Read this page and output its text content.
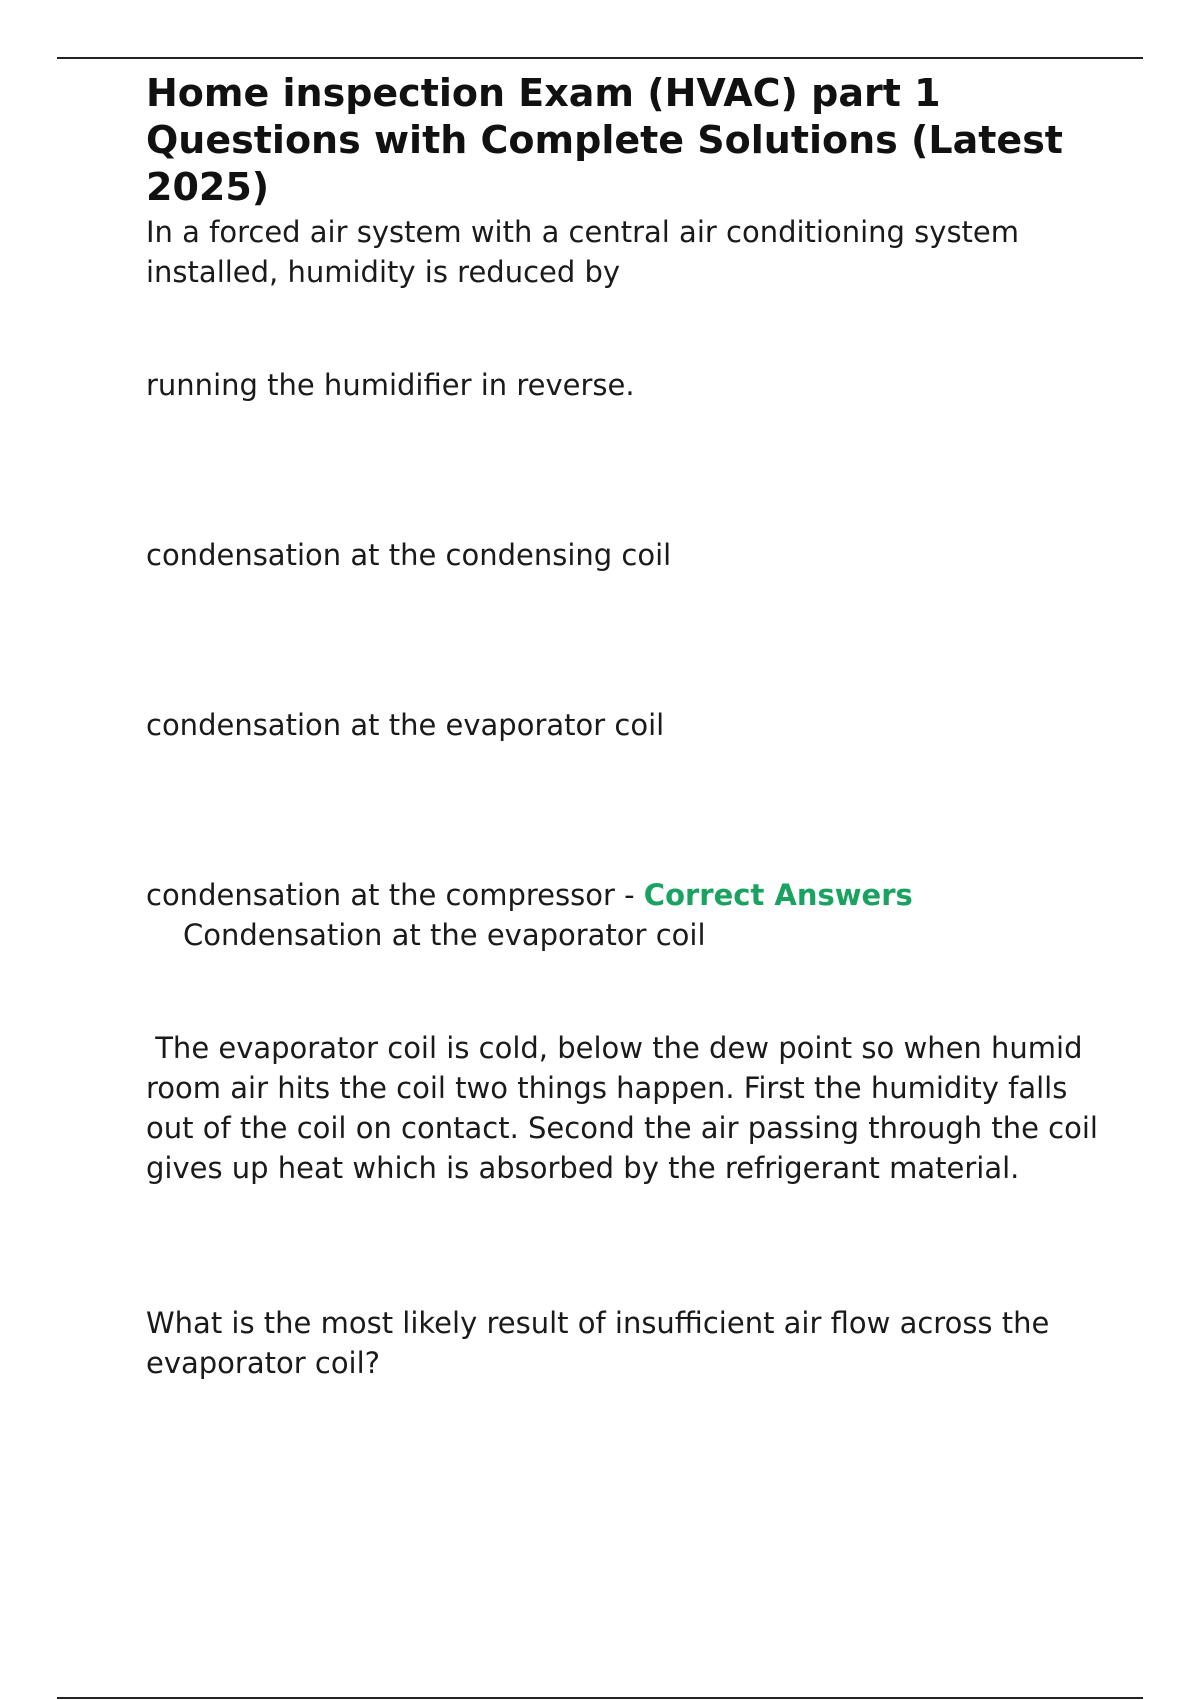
Home inspection Exam (HVAC) part 1 Questions with Complete Solutions (Latest 2025)

In a forced air system with a central air conditioning system installed, humidity is reduced by

running the humidifier in reverse.

condensation at the condensing coil

condensation at the evaporator coil

condensation at the compressor - Correct Answers
Condensation at the evaporator coil

The evaporator coil is cold, below the dew point so when humid room air hits the coil two things happen. First the humidity falls out of the coil on contact. Second the air passing through the coil gives up heat which is absorbed by the refrigerant material.

What is the most likely result of insufficient air flow across the evaporator coil?
